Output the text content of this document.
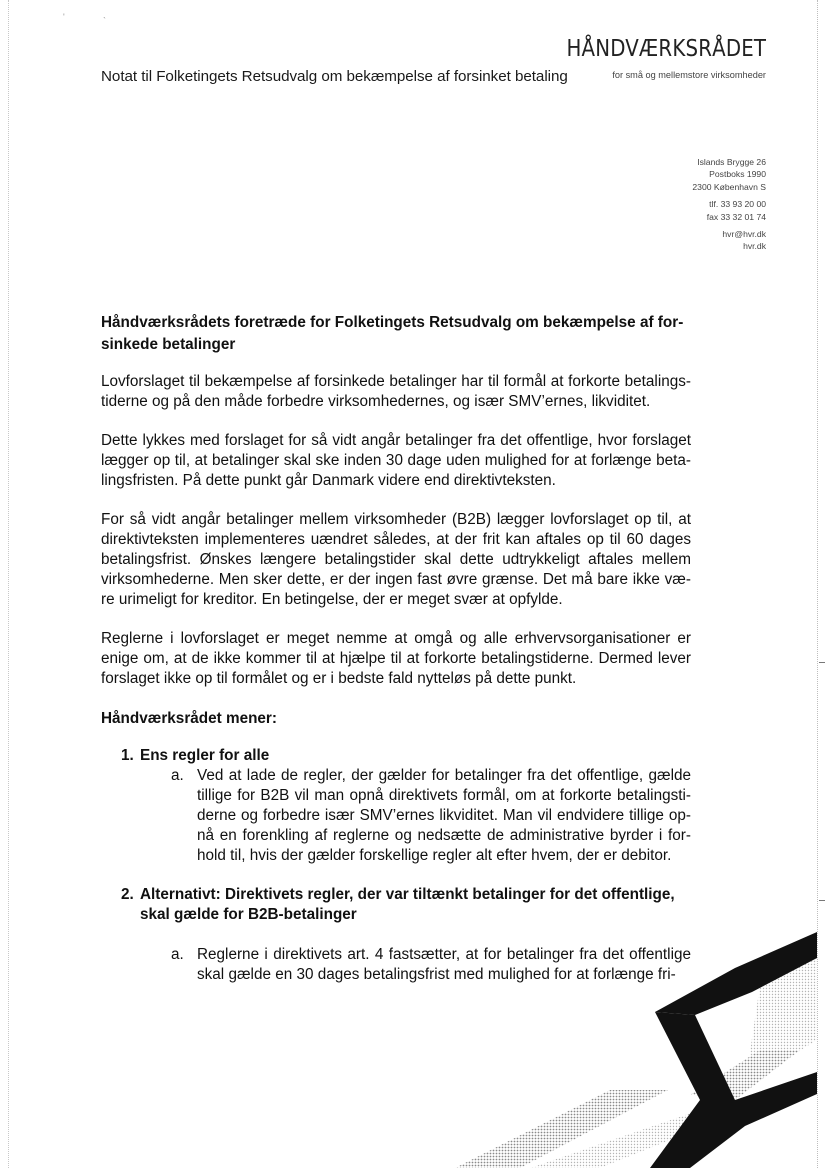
'	`
Notat til Folketingets Retsudvalg om bekæmpelse af forsinket betaling
HÅNDVÆRKSRÅDET
for små og mellemstore virksomheder
Islands Brygge 26
Postboks 1990
2300 København S
tlf. 33 93 20 00
fax 33 32 01 74
hvr@hvr.dk
hvr.dk
Håndværksrådets foretræde for Folketingets Retsudvalg om bekæmpelse af forsinkede betalinger
Lovforslaget til bekæmpelse af forsinkede betalinger har til formål at forkorte betalingstiderne og på den måde forbedre virksomhedernes, og især SMV’ernes, likviditet.
Dette lykkes med forslaget for så vidt angår betalinger fra det offentlige, hvor forslaget lægger op til, at betalinger skal ske inden 30 dage uden mulighed for at forlænge betalingsfristen. På dette punkt går Danmark videre end direktivteksten.
For så vidt angår betalinger mellem virksomheder (B2B) lægger lovforslaget op til, at direktivteksten implementeres uændret således, at der frit kan aftales op til 60 dages betalingsfrist. Ønskes længere betalingstider skal dette udtrykkeligt aftales mellem virksomhederne. Men sker dette, er der ingen fast øvre grænse. Det må bare ikke være urimeligt for kreditor. En betingelse, der er meget svær at opfylde.
Reglerne i lovforslaget er meget nemme at omgå og alle erhvervsorganisationer er enige om, at de ikke kommer til at hjælpe til at forkorte betalingstiderne. Dermed lever forslaget ikke op til formålet og er i bedste fald nytteløs på dette punkt.
Håndværksrådet mener:
1. Ens regler for alle
a. Ved at lade de regler, der gælder for betalinger fra det offentlige, gælde tillige for B2B vil man opnå direktivets formål, om at forkorte betalingstiderne og forbedre især SMV’ernes likviditet. Man vil endvidere tillige opnå en forenkling af reglerne og nedsætte de administrative byrder i forhold til, hvis der gælder forskellige regler alt efter hvem, der er debitor.
2. Alternativt: Direktivets regler, der var tiltænkt betalinger for det offentlige, skal gælde for B2B-betalinger
a. Reglerne i direktivets art. 4 fastsætter, at for betalinger fra det offentlige skal gælde en 30 dages betalingsfrist med mulighed for at forlænge fri-
